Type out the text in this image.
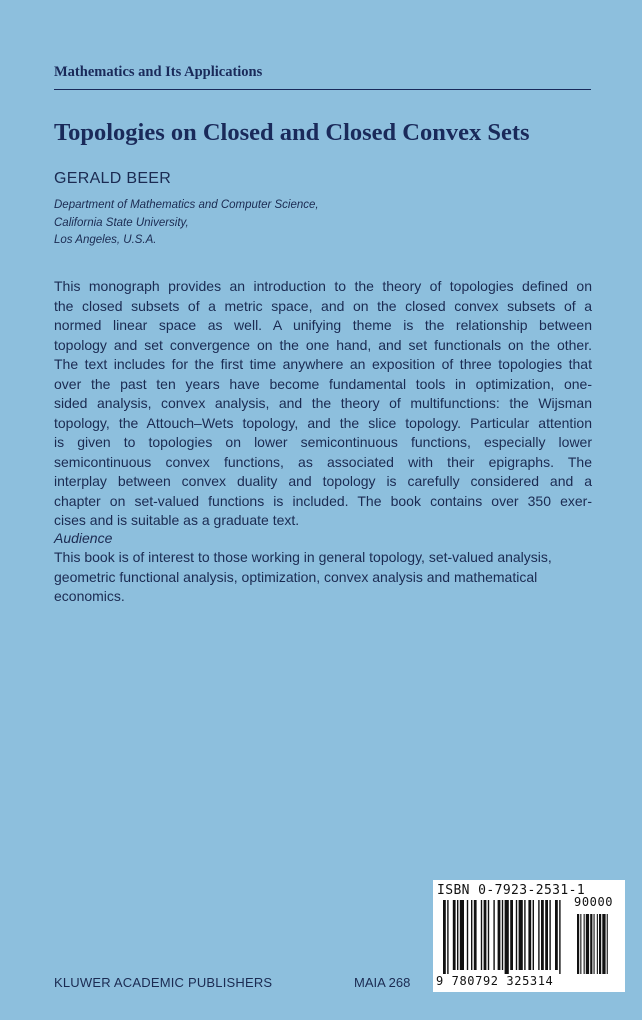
Mathematics and Its Applications
Topologies on Closed and Closed Convex Sets
GERALD BEER
Department of Mathematics and Computer Science,
California State University,
Los Angeles, U.S.A.
This monograph provides an introduction to the theory of topologies defined on
the closed subsets of a metric space, and on the closed convex subsets of a
normed linear space as well. A unifying theme is the relationship between
topology and set convergence on the one hand, and set functionals on the other.
The text includes for the first time anywhere an exposition of three topologies that
over the past ten years have become fundamental tools in optimization, one-
sided analysis, convex analysis, and the theory of multifunctions: the Wijsman
topology, the Attouch–Wets topology, and the slice topology. Particular attention
is given to topologies on lower semicontinuous functions, especially lower
semicontinuous convex functions, as associated with their epigraphs. The
interplay between convex duality and topology is carefully considered and a
chapter on set-valued functions is included. The book contains over 350 exer-
cises and is suitable as a graduate text.
Audience
This book is of interest to those working in general topology, set-valued analysis,
geometric functional analysis, optimization, convex analysis and mathematical
economics.
KLUWER ACADEMIC PUBLISHERS	MAIA 268
ISBN 0-7923-2531-1
90000
9 780792 325314
